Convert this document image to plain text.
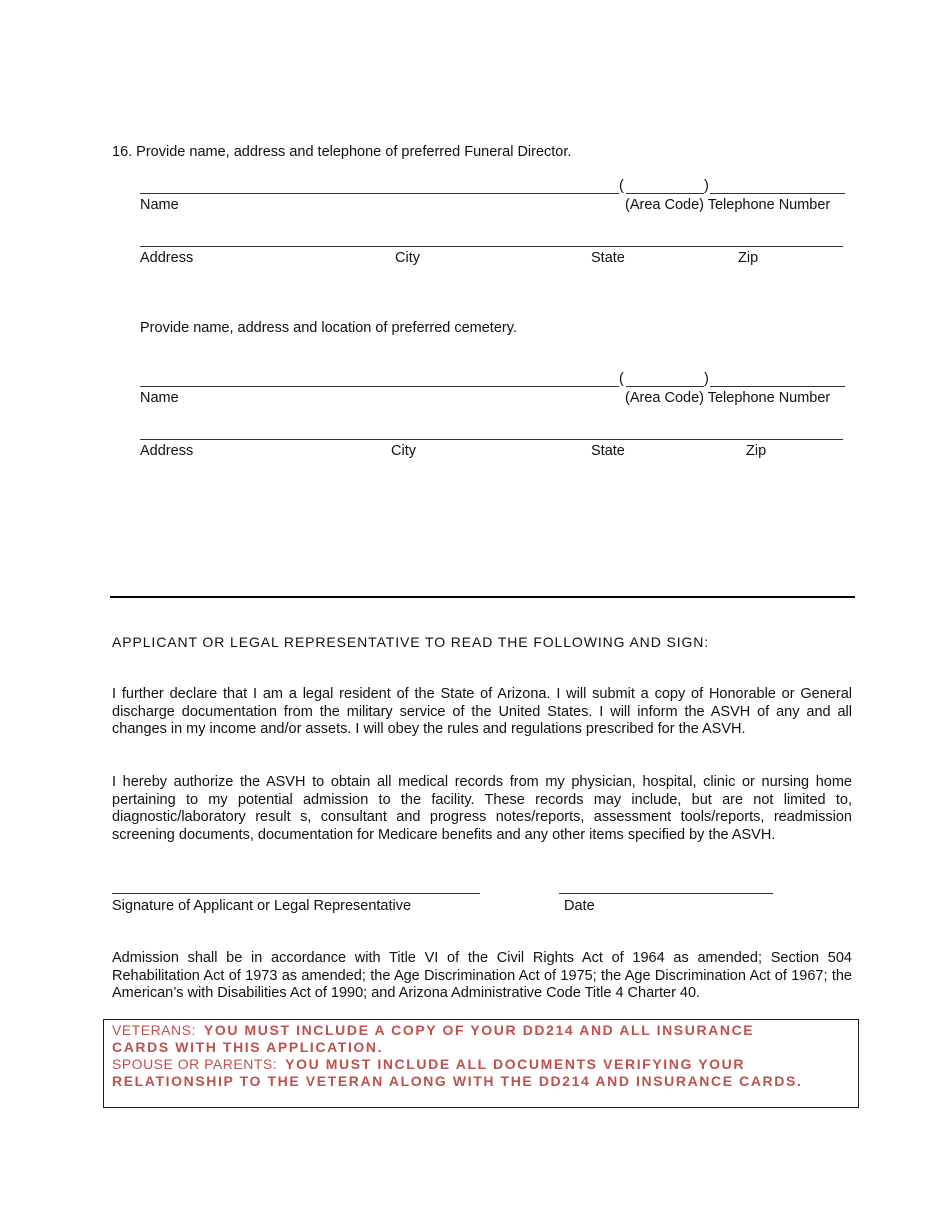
16. Provide name, address and telephone of preferred Funeral Director.
(	)
Name	(Area Code) Telephone Number
Address	City	State	Zip
Provide name, address and location of preferred cemetery.
(	)
Name	(Area Code) Telephone Number
Address	City	State	Zip
APPLICANT OR LEGAL REPRESENTATIVE TO READ THE FOLLOWING AND SIGN:
I further declare that I am a legal resident of the State of Arizona. I will submit a copy of Honorable or General discharge documentation from the military service of the United States. I will inform the ASVH of any and all changes in my income and/or assets. I will obey the rules and regulations prescribed for the ASVH.
I hereby authorize the ASVH to obtain all medical records from my physician, hospital, clinic or nursing home pertaining to my potential admission to the facility. These records may include, but are not limited to, diagnostic/laboratory result s, consultant and progress notes/reports, assessment tools/reports, readmission screening documents, documentation for Medicare benefits and any other items specified by the ASVH.
Signature of Applicant or Legal Representative	Date
Admission shall be in accordance with Title VI of the Civil Rights Act of 1964 as amended; Section 504 Rehabilitation Act of 1973 as amended; the Age Discrimination Act of 1975; the Age Discrimination Act of 1967; the American’s with Disabilities Act of 1990; and Arizona Administrative Code Title 4 Charter 40.
VETERANS: YOU MUST INCLUDE A COPY OF YOUR DD214 AND ALL INSURANCE
CARDS WITH THIS APPLICATION.
SPOUSE OR PARENTS: YOU MUST INCLUDE ALL DOCUMENTS VERIFYING YOUR
RELATIONSHIP TO THE VETERAN ALONG WITH THE DD214 AND INSURANCE CARDS.
